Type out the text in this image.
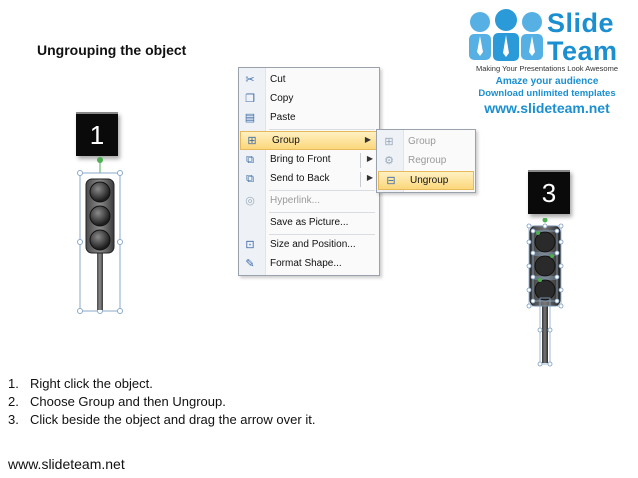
Ungrouping the object
Slide
Team
Making Your Presentations Look Awesome
Amaze your audience
Download unlimited templates
www.slideteam.net
1
3
✂ Cut
❐ Copy
▤ Paste
⊞ Group	▶
⧉	Bring to Front	▶
⧉	Send to Back	▶
◎ Hyperlink...
Save as Picture...
⊡ Size and Position...
✎ Format Shape...
⊞ Group
⚙ Regroup
⊟ Ungroup
1. Right click the object.
2. Choose Group and then Ungroup.
3. Click beside the object and drag the arrow over it.
www.slideteam.net
